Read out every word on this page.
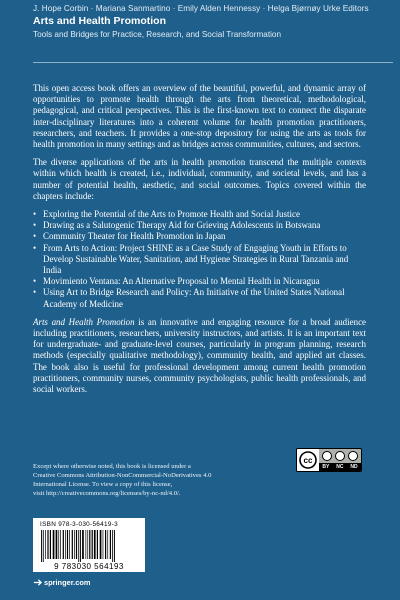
J. Hope Corbin · Mariana Sanmartino · Emily Alden Hennessy · Helga Bjørnøy Urke Editors
Arts and Health Promotion
Tools and Bridges for Practice, Research, and Social Transformation

This open access book offers an overview of the beautiful, powerful, and dynamic array of opportunities to promote health through the arts from theoretical, methodological, pedagogical, and critical perspectives. This is the first-known text to connect the disparate inter-disciplinary literatures into a coherent volume for health promotion practitioners, researchers, and teachers. It provides a one-stop depository for using the arts as tools for health promotion in many settings and as bridges across communities, cultures, and sectors.

The diverse applications of the arts in health promotion transcend the multiple contexts within which health is created, i.e., individual, community, and societal levels, and has a number of potential health, aesthetic, and social outcomes. Topics covered within the chapters include:

• Exploring the Potential of the Arts to Promote Health and Social Justice
• Drawing as a Salutogenic Therapy Aid for Grieving Adolescents in Botswana
• Community Theater for Health Promotion in Japan
• From Arts to Action: Project SHINE as a Case Study of Engaging Youth in Efforts to Develop Sustainable Water, Sanitation, and Hygiene Strategies in Rural Tanzania and India
• Movimiento Ventana: An Alternative Proposal to Mental Health in Nicaragua
• Using Art to Bridge Research and Policy: An Initiative of the United States National Academy of Medicine

Arts and Health Promotion is an innovative and engaging resource for a broad audience including practitioners, researchers, university instructors, and artists. It is an important text for undergraduate- and graduate-level courses, particularly in program planning, research methods (especially qualitative methodology), community health, and applied art classes. The book also is useful for professional development among current health promotion practitioners, community nurses, community psychologists, public health professionals, and social workers.

Except where otherwise noted, this book is licensed under a
Creative Commons Attribution-NonCommercial-NoDerivatives 4.0
International License. To view a copy of this license,
visit http://creativecommons.org/licenses/by-nc-nd/4.0/.
cc
BY NC ND
ISBN 978-3-030-56419-3
9 783030 564193
springer.com
